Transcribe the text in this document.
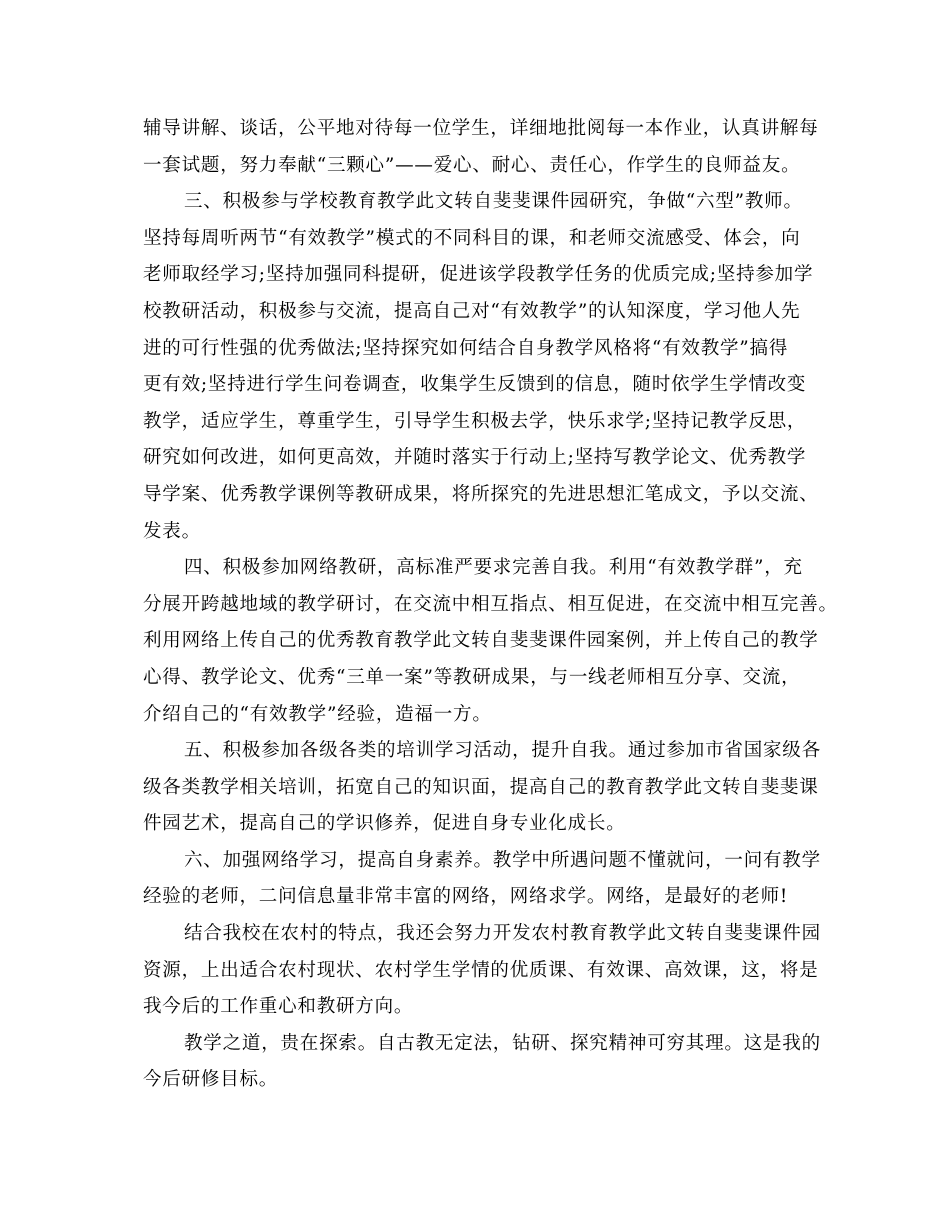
辅导讲解、谈话，公平地对待每一位学生，详细地批阅每一本作业，认真讲解每
一套试题，努力奉献“三颗心”——爱心、耐心、责任心，作学生的良师益友。
三、积极参与学校教育教学此文转自斐斐课件园研究，争做“六型”教师。
坚持每周听两节“有效教学”模式的不同科目的课，和老师交流感受、体会，向
老师取经学习;坚持加强同科提研，促进该学段教学任务的优质完成;坚持参加学
校教研活动，积极参与交流，提高自己对“有效教学”的认知深度，学习他人先
进的可行性强的优秀做法;坚持探究如何结合自身教学风格将“有效教学”搞得
更有效;坚持进行学生问卷调查，收集学生反馈到的信息，随时依学生学情改变
教学，适应学生，尊重学生，引导学生积极去学，快乐求学;坚持记教学反思，
研究如何改进，如何更高效，并随时落实于行动上;坚持写教学论文、优秀教学
导学案、优秀教学课例等教研成果，将所探究的先进思想汇笔成文，予以交流、
发表。
四、积极参加网络教研，高标准严要求完善自我。利用“有效教学群”，充
分展开跨越地域的教学研讨，在交流中相互指点、相互促进，在交流中相互完善。
利用网络上传自己的优秀教育教学此文转自斐斐课件园案例，并上传自己的教学
心得、教学论文、优秀“三单一案”等教研成果，与一线老师相互分享、交流，
介绍自己的“有效教学”经验，造福一方。
五、积极参加各级各类的培训学习活动，提升自我。通过参加市省国家级各
级各类教学相关培训，拓宽自己的知识面，提高自己的教育教学此文转自斐斐课
件园艺术，提高自己的学识修养，促进自身专业化成长。
六、加强网络学习，提高自身素养。教学中所遇问题不懂就问，一问有教学
经验的老师，二问信息量非常丰富的网络，网络求学。网络，是最好的老师!
结合我校在农村的特点，我还会努力开发农村教育教学此文转自斐斐课件园
资源，上出适合农村现状、农村学生学情的优质课、有效课、高效课，这，将是
我今后的工作重心和教研方向。
教学之道，贵在探索。自古教无定法，钻研、探究精神可穷其理。这是我的
今后研修目标。
